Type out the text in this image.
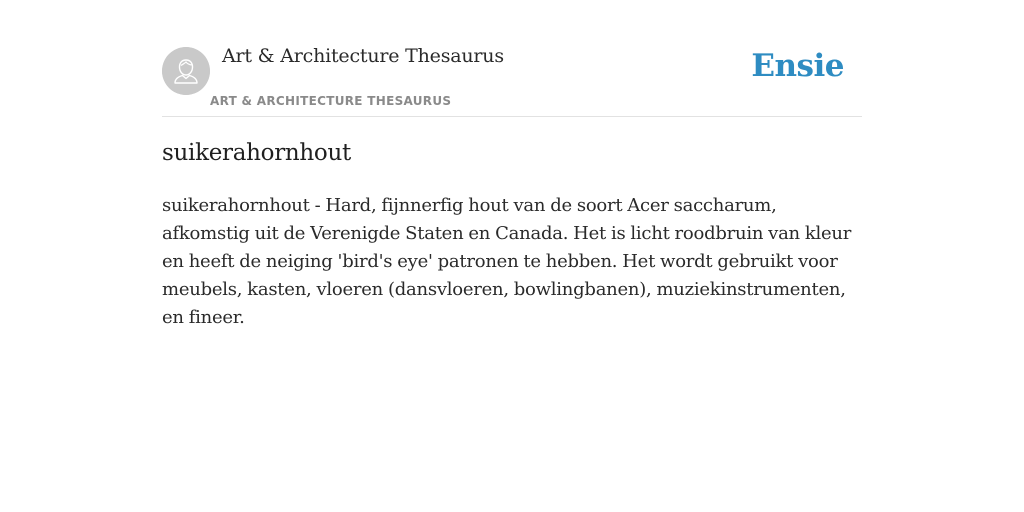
Art & Architecture Thesaurus
ART & ARCHITECTURE THESAURUS
Ensie
suikerahornhout

suikerahornhout - Hard, fijnnerfig hout van de soort Acer saccharum, afkomstig uit de Verenigde Staten en Canada. Het is licht roodbruin van kleur en heeft de neiging 'bird's eye' patronen te hebben. Het wordt gebruikt voor meubels, kasten, vloeren (dansvloeren, bowlingbanen), muziekinstrumenten, en fineer.
